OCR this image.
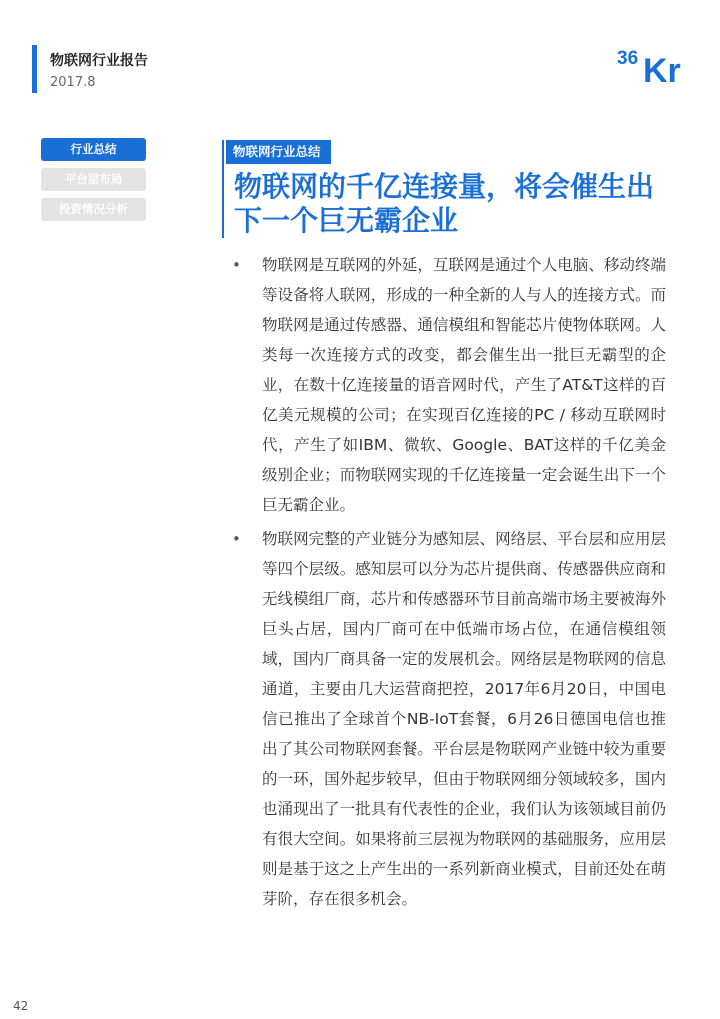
物联网行业报告
2017.8
36 Kr
行业总结
平台层布局
投资情况分析
物联网行业总结
物联网的千亿连接量，将会催生出下一个巨无霸企业
• 物联网是互联网的外延，互联网是通过个人电脑、移动终端等设备将人联网，形成的一种全新的人与人的连接方式。而物联网是通过传感器、通信模组和智能芯片使物体联网。人类每一次连接方式的改变，都会催生出一批巨无霸型的企业，在数十亿连接量的语音网时代，产生了AT&T这样的百亿美元规模的公司；在实现百亿连接的PC / 移动互联网时代，产生了如IBM、微软、Google、BAT这样的千亿美金级别企业；而物联网实现的千亿连接量一定会诞生出下一个巨无霸企业。

• 物联网完整的产业链分为感知层、网络层、平台层和应用层等四个层级。感知层可以分为芯片提供商、传感器供应商和无线模组厂商，芯片和传感器环节目前高端市场主要被海外巨头占居，国内厂商可在中低端市场占位，在通信模组领域，国内厂商具备一定的发展机会。网络层是物联网的信息通道，主要由几大运营商把控，2017年6月20日，中国电信已推出了全球首个NB-IoT套餐，6月26日德国电信也推出了其公司物联网套餐。平台层是物联网产业链中较为重要的一环，国外起步较早，但由于物联网细分领域较多，国内也涌现出了一批具有代表性的企业，我们认为该领域目前仍有很大空间。如果将前三层视为物联网的基础服务，应用层则是基于这之上产生出的一系列新商业模式，目前还处在萌芽阶，存在很多机会。

42
